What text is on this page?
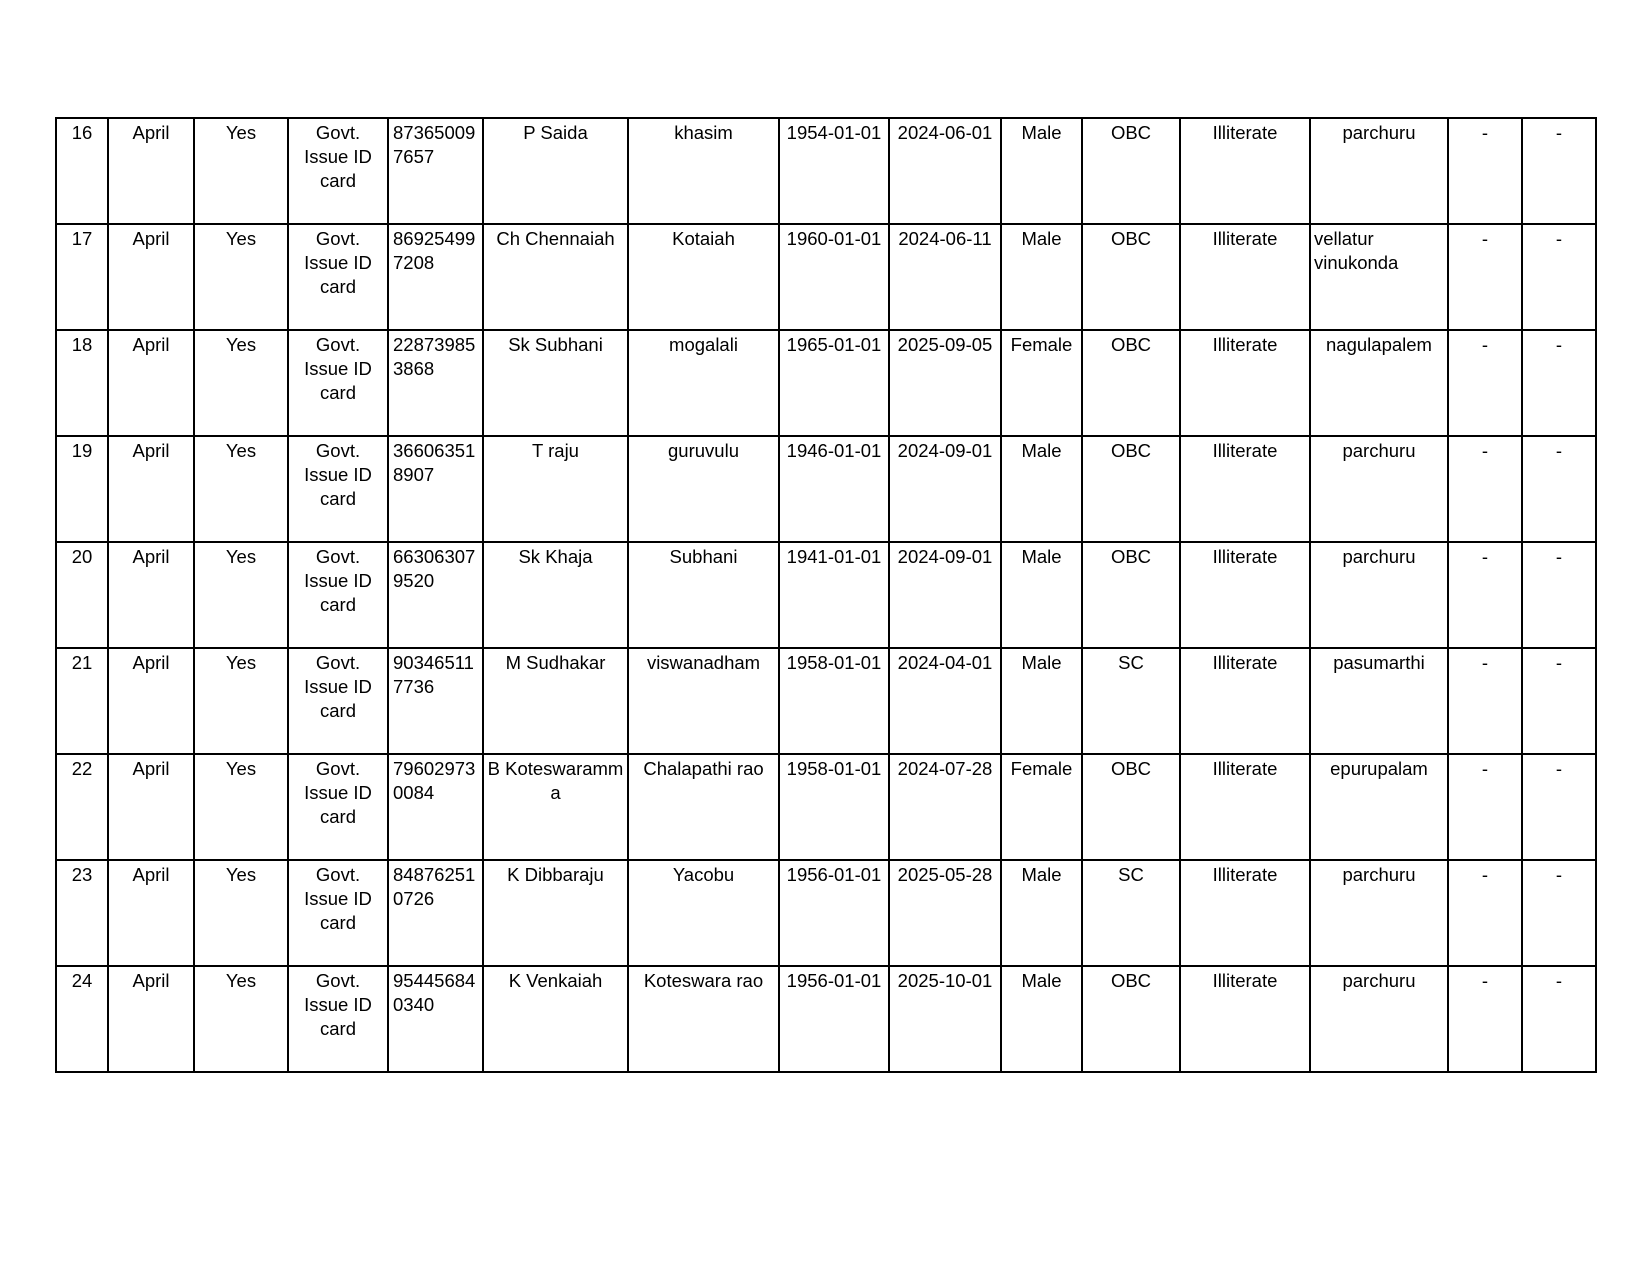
16	April	Yes	Govt. Issue ID card	873650097657	P Saida	khasim	1954-01-01	2024-06-01	Male	OBC	Illiterate	parchuru	-	-
17	April	Yes	Govt. Issue ID card	869254997208	Ch Chennaiah	Kotaiah	1960-01-01	2024-06-11	Male	OBC	Illiterate	vellatur vinukonda	-	-
18	April	Yes	Govt. Issue ID card	228739853868	Sk Subhani	mogalali	1965-01-01	2025-09-05	Female	OBC	Illiterate	nagulapalem	-	-
19	April	Yes	Govt. Issue ID card	366063518907	T raju	guruvulu	1946-01-01	2024-09-01	Male	OBC	Illiterate	parchuru	-	-
20	April	Yes	Govt. Issue ID card	663063079520	Sk Khaja	Subhani	1941-01-01	2024-09-01	Male	OBC	Illiterate	parchuru	-	-
21	April	Yes	Govt. Issue ID card	903465117736	M Sudhakar	viswanadham	1958-01-01	2024-04-01	Male	SC	Illiterate	pasumarthi	-	-
22	April	Yes	Govt. Issue ID card	796029730084	B Koteswaramma	Chalapathi rao	1958-01-01	2024-07-28	Female	OBC	Illiterate	epurupalam	-	-
23	April	Yes	Govt. Issue ID card	848762510726	K Dibbaraju	Yacobu	1956-01-01	2025-05-28	Male	SC	Illiterate	parchuru	-	-
24	April	Yes	Govt. Issue ID card	954456840340	K Venkaiah	Koteswara rao	1956-01-01	2025-10-01	Male	OBC	Illiterate	parchuru	-	-
